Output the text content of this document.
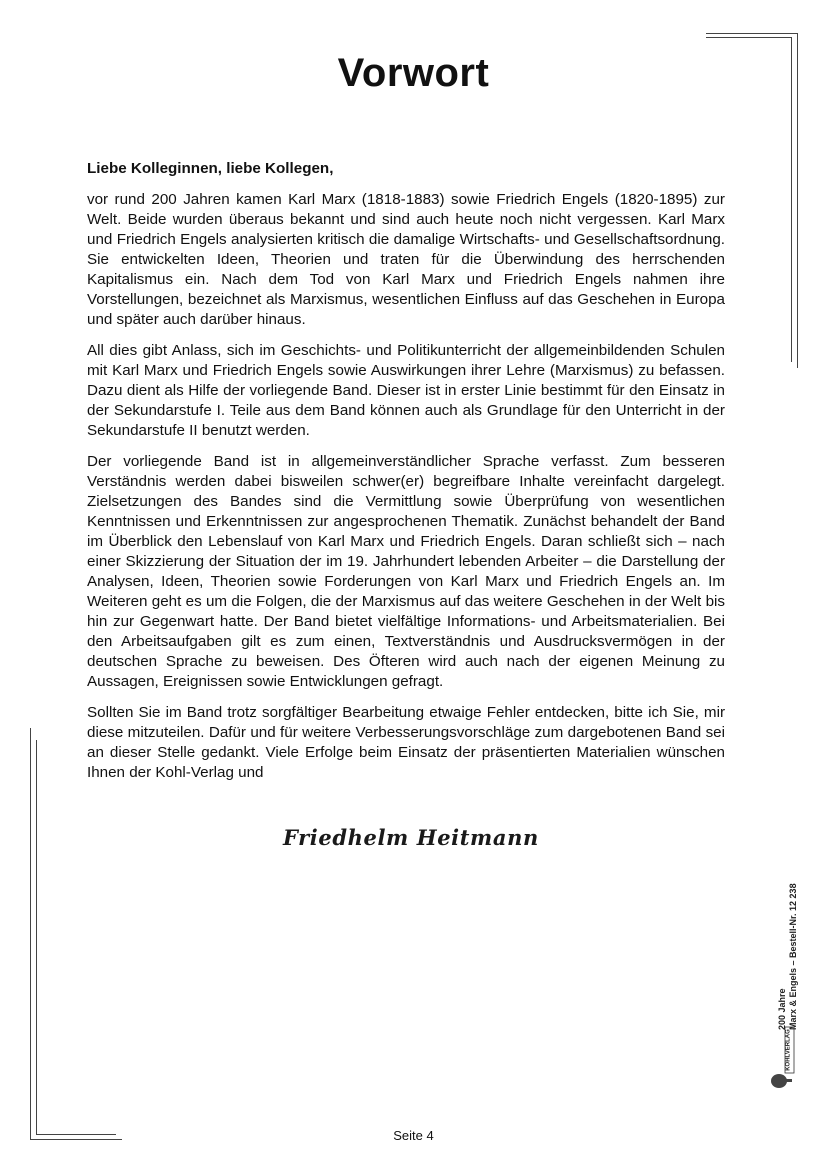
Vorwort

Liebe Kolleginnen, liebe Kollegen,

vor rund 200 Jahren kamen Karl Marx (1818-1883) sowie Friedrich Engels (1820-1895) zur Welt. Beide wurden überaus bekannt und sind auch heute noch nicht vergessen. Karl Marx und Friedrich Engels analysierten kritisch die damalige Wirtschafts- und Gesellschaftsordnung. Sie entwickelten Ideen, Theorien und traten für die Überwindung des herrschenden Kapitalismus ein. Nach dem Tod von Karl Marx und Friedrich Engels nahmen ihre Vorstellungen, bezeichnet als Marxismus, wesentlichen Einfluss auf das Geschehen in Europa und später auch darüber hinaus.

All dies gibt Anlass, sich im Geschichts- und Politikunterricht der allgemeinbildenden Schulen mit Karl Marx und Friedrich Engels sowie Auswirkungen ihrer Lehre (Marxismus) zu befassen. Dazu dient als Hilfe der vorliegende Band. Dieser ist in erster Linie bestimmt für den Einsatz in der Sekundarstufe I. Teile aus dem Band können auch als Grundlage für den Unterricht in der Sekundarstufe II benutzt werden.

Der vorliegende Band ist in allgemeinverständlicher Sprache verfasst. Zum besseren Verständnis werden dabei bisweilen schwer(er) begreifbare Inhalte vereinfacht dargelegt. Zielsetzungen des Bandes sind die Vermittlung sowie Überprüfung von wesentlichen Kenntnissen und Erkenntnissen zur angesprochenen Thematik. Zunächst behandelt der Band im Überblick den Lebenslauf von Karl Marx und Friedrich Engels. Daran schließt sich – nach einer Skizzierung der Situation der im 19. Jahrhundert lebenden Arbeiter – die Darstellung der Analysen, Ideen, Theorien sowie Forderungen von Karl Marx und Friedrich Engels an. Im Weiteren geht es um die Folgen, die der Marxismus auf das weitere Geschehen in der Welt bis hin zur Gegenwart hatte. Der Band bietet vielfältige Informations- und Arbeitsmaterialien. Bei den Arbeitsaufgaben gilt es zum einen, Textverständnis und Ausdrucksvermögen in der deutschen Sprache zu beweisen. Des Öfteren wird auch nach der eigenen Meinung zu Aussagen, Ereignissen sowie Entwicklungen gefragt.

Sollten Sie im Band trotz sorgfältiger Bearbeitung etwaige Fehler entdecken, bitte ich Sie, mir diese mitzuteilen. Dafür und für weitere Verbesserungsvorschläge zum dargebotenen Band sei an dieser Stelle gedankt. Viele Erfolge beim Einsatz der präsentierten Materialien wünschen Ihnen der Kohl-Verlag und

Friedhelm Heitmann
200 Jahre Marx & Engels – Bestell-Nr. 12 238
KOHLVERLAG
Seite 4
